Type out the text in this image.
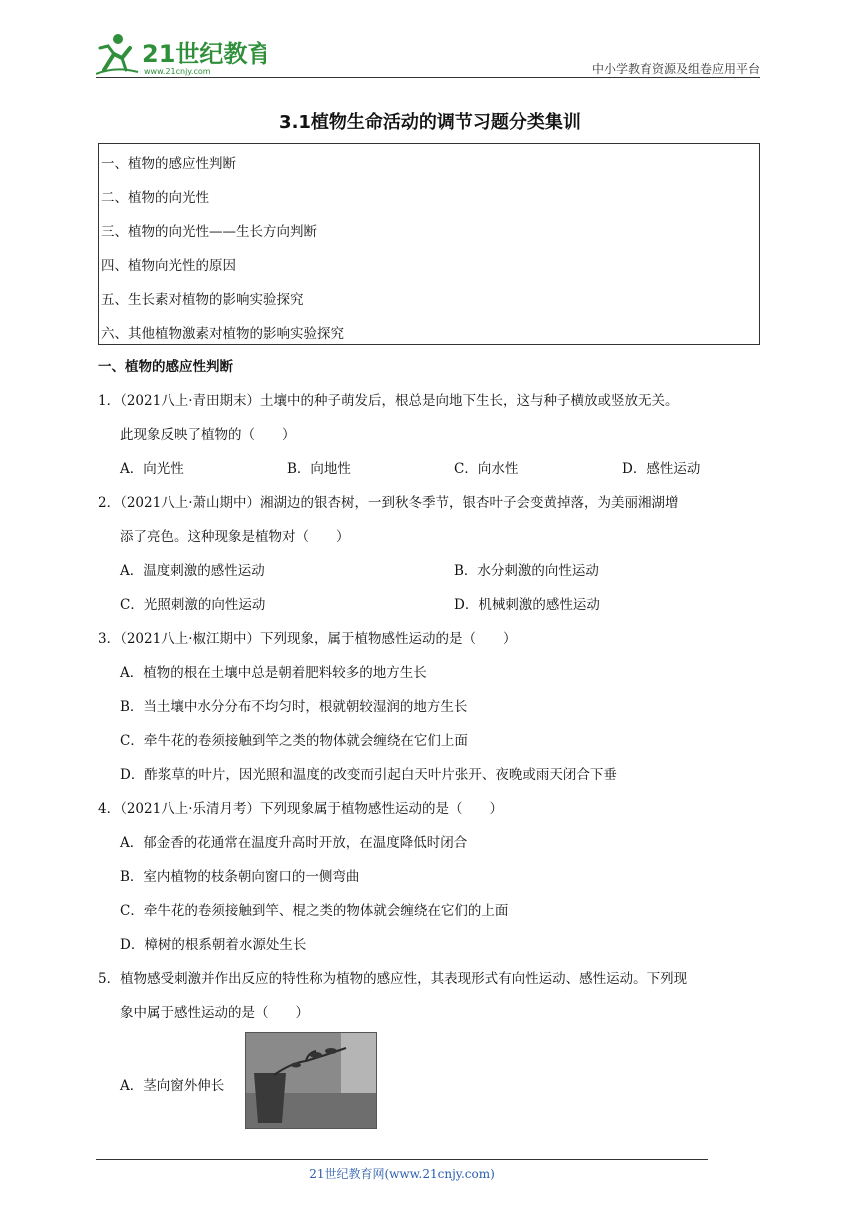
21世纪教育
www.21cnjy.com	中小学教育资源及组卷应用平台
3.1植物生命活动的调节习题分类集训
一、植物的感应性判断
二、植物的向光性
三、植物的向光性——生长方向判断
四、植物向光性的原因
五、生长素对植物的影响实验探究
六、其他植物激素对植物的影响实验探究
一、植物的感应性判断
1．（2021八上·青田期末）土壤中的种子萌发后，根总是向地下生长，这与种子横放或竖放无关。
此现象反映了植物的（　　）
A．向光性	B．向地性	C．向水性	D．感性运动
2．（2021八上·萧山期中）湘湖边的银杏树，一到秋冬季节，银杏叶子会变黄掉落，为美丽湘湖增
添了亮色。这种现象是植物对（　　）
A．温度刺激的感性运动	B．水分刺激的向性运动
C．光照刺激的向性运动	D．机械刺激的感性运动
3．（2021八上·椒江期中）下列现象，属于植物感性运动的是（　　）
A．植物的根在土壤中总是朝着肥料较多的地方生长
B．当土壤中水分分布不均匀时，根就朝较湿润的地方生长
C．牵牛花的卷须接触到竿之类的物体就会缠绕在它们上面
D．酢浆草的叶片，因光照和温度的改变而引起白天叶片张开、夜晚或雨天闭合下垂
4．（2021八上·乐清月考）下列现象属于植物感性运动的是（　　）
A．郁金香的花通常在温度升高时开放，在温度降低时闭合
B．室内植物的枝条朝向窗口的一侧弯曲
C．牵牛花的卷须接触到竿、棍之类的物体就会缠绕在它们的上面
D．樟树的根系朝着水源处生长
5．植物感受刺激并作出反应的特性称为植物的感应性，其表现形式有向性运动、感性运动。下列现
象中属于感性运动的是（　　）
A．茎向窗外伸长
21世纪教育网(www.21cnjy.com)
